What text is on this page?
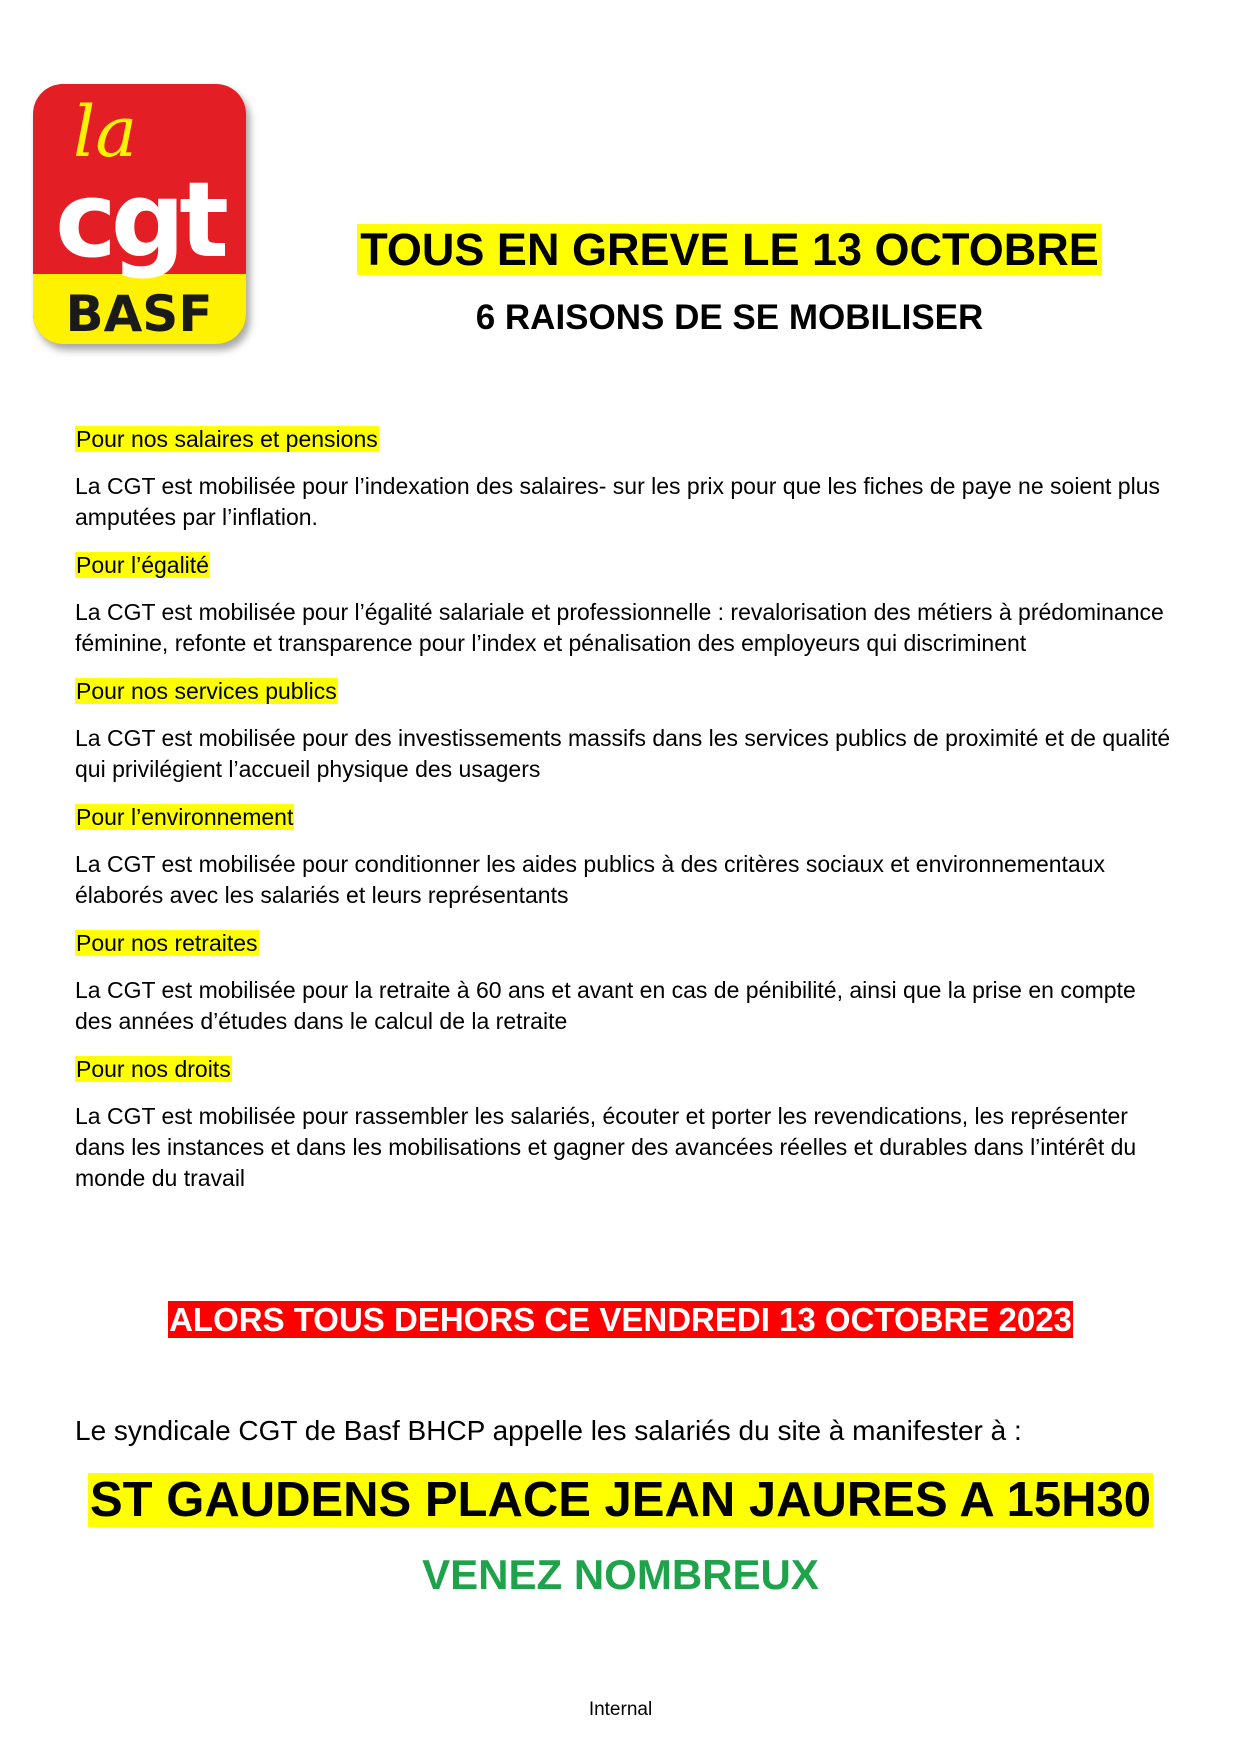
la
cgt
BASF
TOUS EN GREVE LE 13 OCTOBRE
6 RAISONS DE SE MOBILISER

Pour nos salaires et pensions

La CGT est mobilisée pour l’indexation des salaires- sur les prix pour que les fiches de paye ne soient plus amputées par l’inflation.

Pour l’égalité

La CGT est mobilisée pour l’égalité salariale et professionnelle : revalorisation des métiers à prédominance féminine, refonte et transparence pour l’index et pénalisation des employeurs qui discriminent

Pour nos services publics

La CGT est mobilisée pour des investissements massifs dans les services publics de proximité et de qualité qui privilégient l’accueil physique des usagers

Pour l’environnement

La CGT est mobilisée pour conditionner les aides publics à des critères sociaux et environnementaux élaborés avec les salariés et leurs représentants

Pour nos retraites

La CGT est mobilisée pour la retraite à 60 ans et avant en cas de pénibilité, ainsi que la prise en compte des années d’études dans le calcul de la retraite

Pour nos droits

La CGT est mobilisée pour rassembler les salariés, écouter et porter les revendications, les représenter dans les instances et dans les mobilisations et gagner des avancées réelles et durables dans l’intérêt du monde du travail

ALORS TOUS DEHORS CE VENDREDI 13 OCTOBRE 2023

Le syndicale CGT de Basf BHCP appelle les salariés du site à manifester à :

ST GAUDENS PLACE JEAN JAURES A 15H30

VENEZ NOMBREUX

Internal
